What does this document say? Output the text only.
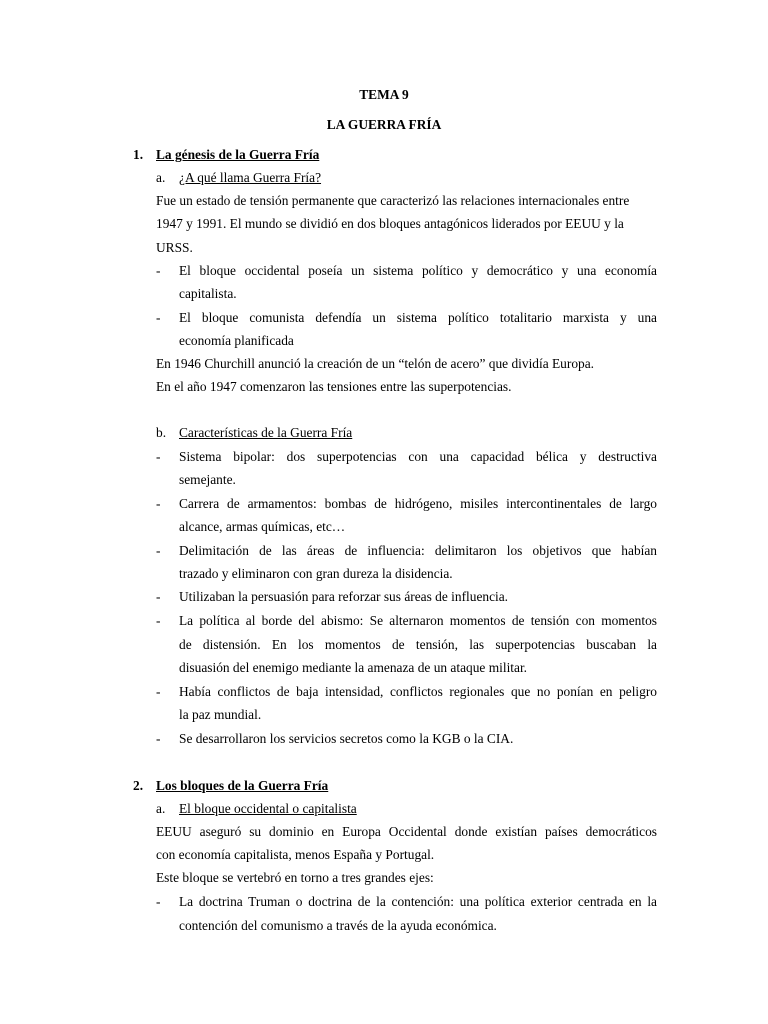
TEMA 9
LA GUERRA FRÍA
1. La génesis de la Guerra Fría
a. ¿A qué llama Guerra Fría?
Fue un estado de tensión permanente que caracterizó las relaciones internacionales entre
1947 y 1991. El mundo se dividió en dos bloques antagónicos liderados por EEUU y la
URSS.
- El bloque occidental poseía un sistema político y democrático y una economía
capitalista.
- El bloque comunista defendía un sistema político totalitario marxista y una
economía planificada
En 1946 Churchill anunció la creación de un “telón de acero” que dividía Europa.
En el año 1947 comenzaron las tensiones entre las superpotencias.
b. Características de la Guerra Fría
- Sistema bipolar: dos superpotencias con una capacidad bélica y destructiva
semejante.
- Carrera de armamentos: bombas de hidrógeno, misiles intercontinentales de largo
alcance, armas químicas, etc…
- Delimitación de las áreas de influencia: delimitaron los objetivos que habían
trazado y eliminaron con gran dureza la disidencia.
- Utilizaban la persuasión para reforzar sus áreas de influencia.
- La política al borde del abismo: Se alternaron momentos de tensión con momentos
de distensión. En los momentos de tensión, las superpotencias buscaban la
disuasión del enemigo mediante la amenaza de un ataque militar.
- Había conflictos de baja intensidad, conflictos regionales que no ponían en peligro
la paz mundial.
- Se desarrollaron los servicios secretos como la KGB o la CIA.
2. Los bloques de la Guerra Fría
a. El bloque occidental o capitalista
EEUU aseguró su dominio en Europa Occidental donde existían países democráticos
con economía capitalista, menos España y Portugal.
Este bloque se vertebró en torno a tres grandes ejes:
- La doctrina Truman o doctrina de la contención: una política exterior centrada en la
contención del comunismo a través de la ayuda económica.
